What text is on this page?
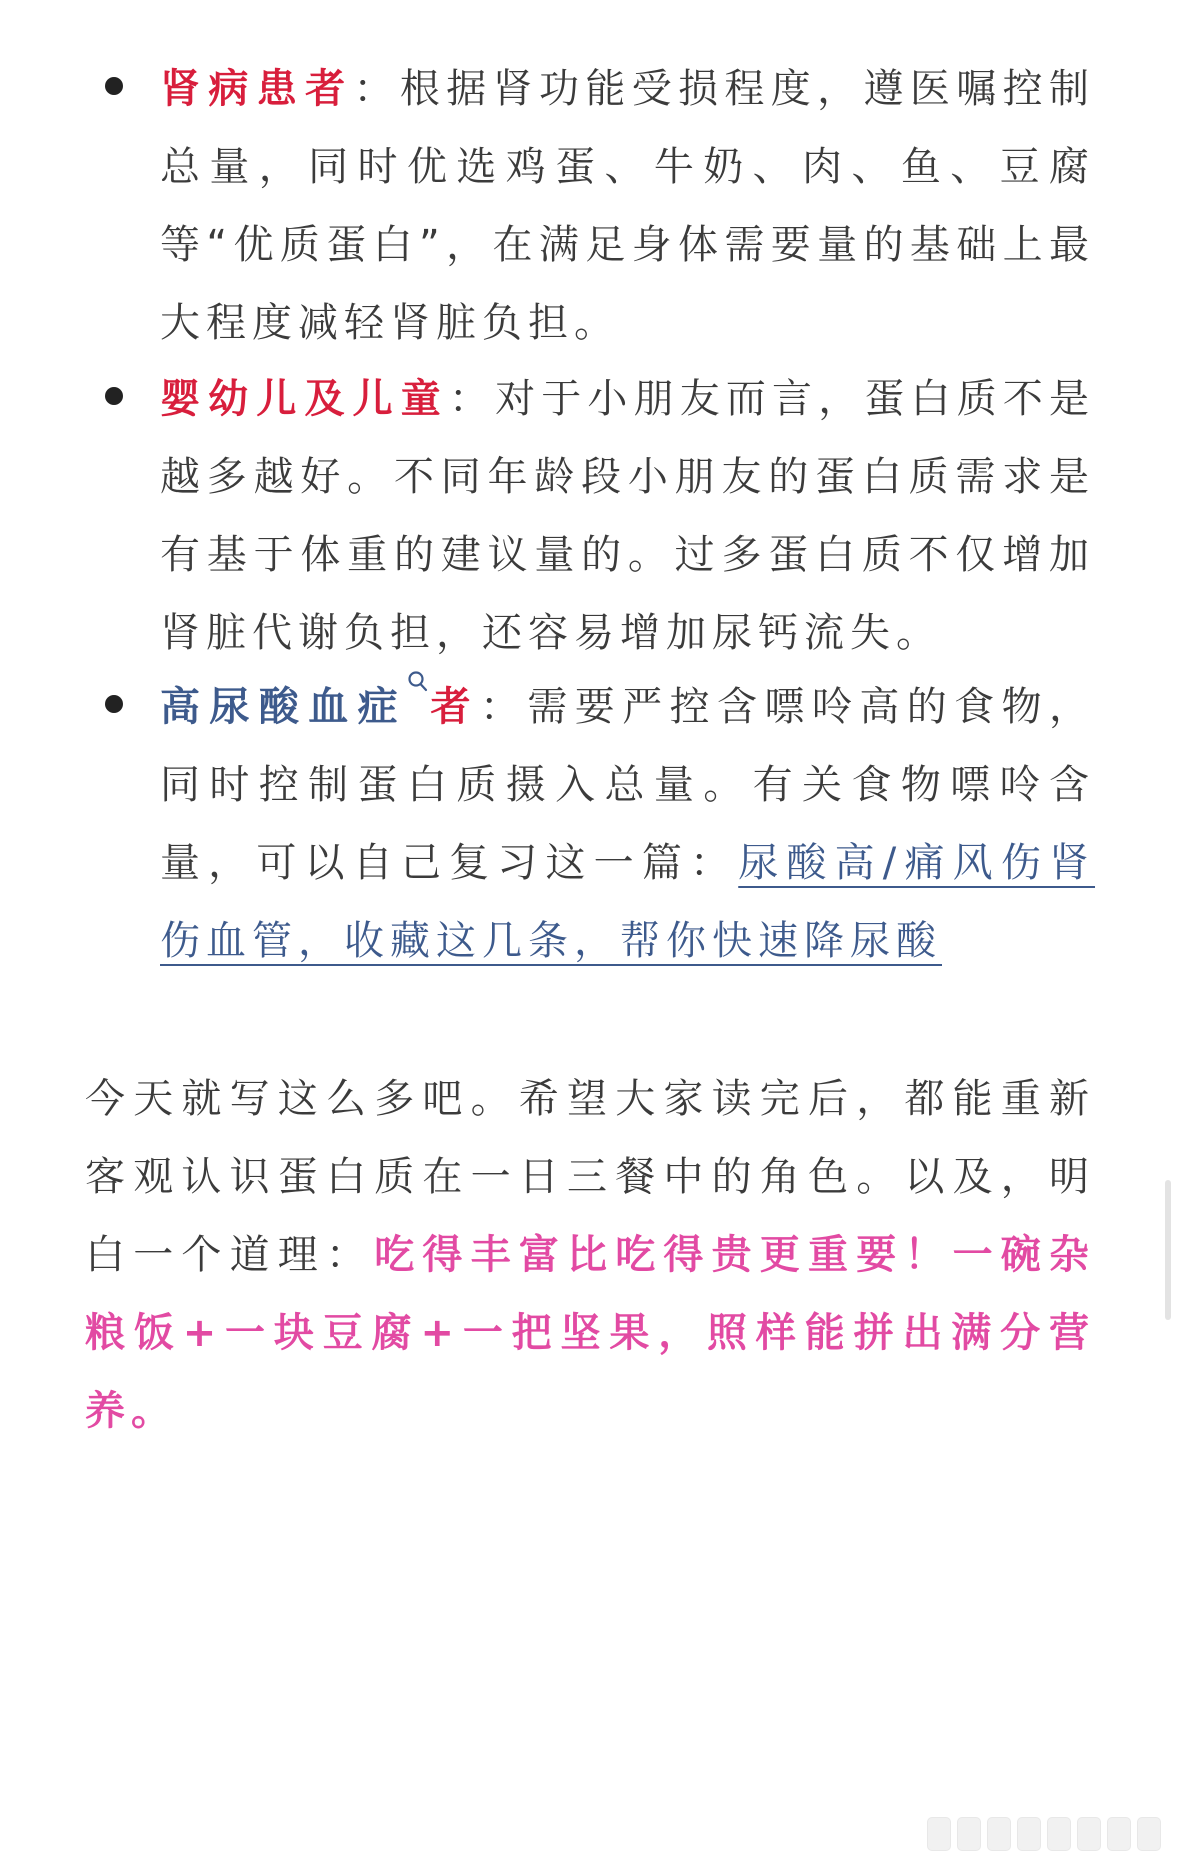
肾病患者：根据肾功能受损程度，遵医嘱控制总量，同时优选鸡蛋、牛奶、肉、鱼、豆腐等“优质蛋白”，在满足身体需要量的基础上最大程度减轻肾脏负担。
婴幼儿及儿童：对于小朋友而言，蛋白质不是越多越好。不同年龄段小朋友的蛋白质需求是有基于体重的建议量的。过多蛋白质不仅增加肾脏代谢负担，还容易增加尿钙流失。
高尿酸血症 者：需要严控含嘌呤高的食物，同时控制蛋白质摄入总量。有关食物嘌呤含量，可以自己复习这一篇：尿酸高/痛风伤肾伤血管，收藏这几条，帮你快速降尿酸
今天就写这么多吧。希望大家读完后，都能重新客观认识蛋白质在一日三餐中的角色。以及，明白一个道理：吃得丰富比吃得贵更重要！一碗杂粮饭+一块豆腐+一把坚果，照样能拼出满分营养。
